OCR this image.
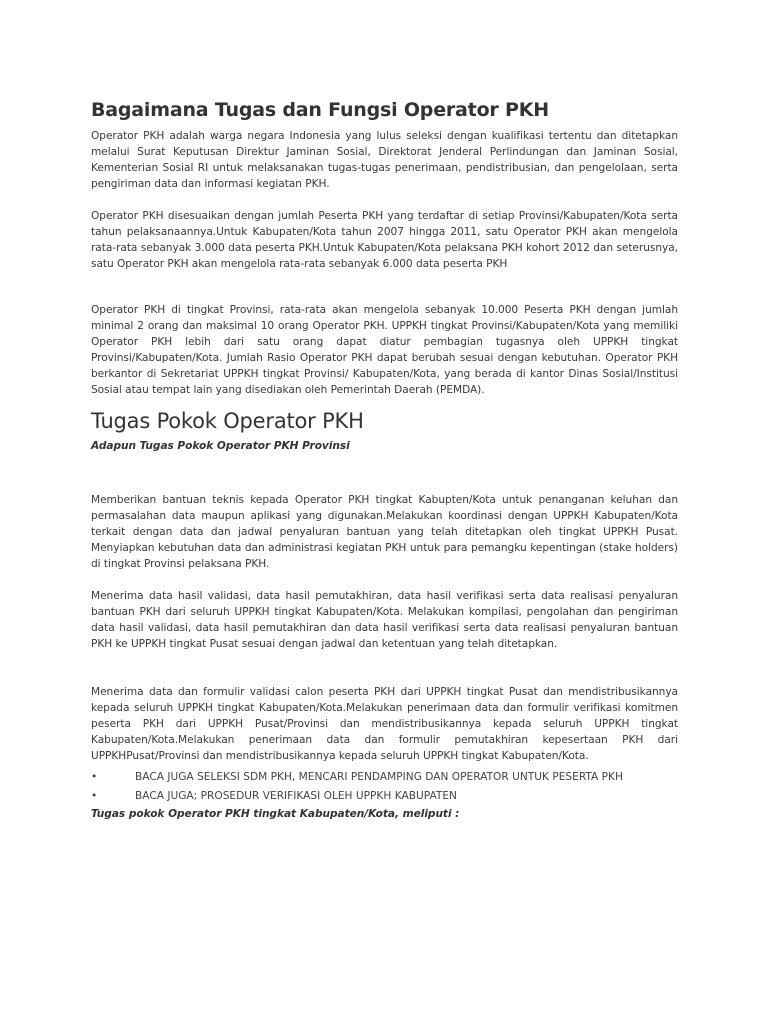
Bagaimana Tugas dan Fungsi Operator PKH

Operator PKH adalah warga negara Indonesia yang lulus seleksi dengan kualifikasi tertentu dan ditetapkan melalui Surat Keputusan Direktur Jaminan Sosial, Direktorat Jenderal Perlindungan dan Jaminan Sosial, Kementerian Sosial RI untuk melaksanakan tugas-tugas penerimaan, pendistribusian, dan pengelolaan, serta pengiriman data dan informasi kegiatan PKH.

Operator PKH disesuaikan dengan jumlah Peserta PKH yang terdaftar di setiap Provinsi/Kabupaten/Kota serta tahun pelaksanaannya.Untuk Kabupaten/Kota tahun 2007 hingga 2011, satu Operator PKH akan mengelola rata-rata sebanyak 3.000 data peserta PKH.Untuk Kabupaten/Kota pelaksana PKH kohort 2012 dan seterusnya, satu Operator PKH akan mengelola rata-rata sebanyak 6.000 data peserta PKH

Operator PKH di tingkat Provinsi, rata-rata akan mengelola sebanyak 10.000 Peserta PKH dengan jumlah minimal 2 orang dan maksimal 10 orang Operator PKH. UPPKH tingkat Provinsi/Kabupaten/Kota yang memiliki Operator PKH lebih dari satu orang dapat diatur pembagian tugasnya oleh UPPKH tingkat Provinsi/Kabupaten/Kota. Jumlah Rasio Operator PKH dapat berubah sesuai dengan kebutuhan. Operator PKH berkantor di Sekretariat UPPKH tingkat Provinsi/ Kabupaten/Kota, yang berada di kantor Dinas Sosial/Institusi Sosial atau tempat lain yang disediakan oleh Pemerintah Daerah (PEMDA).

Tugas Pokok Operator PKH

Adapun Tugas Pokok Operator PKH Provinsi

Memberikan bantuan teknis kepada Operator PKH tingkat Kabupten/Kota untuk penanganan keluhan dan permasalahan data maupun aplikasi yang digunakan.Melakukan koordinasi dengan UPPKH Kabupaten/Kota terkait dengan data dan jadwal penyaluran bantuan yang telah ditetapkan oleh tingkat UPPKH Pusat. Menyiapkan kebutuhan data dan administrasi kegiatan PKH untuk para pemangku kepentingan (stake holders) di tingkat Provinsi pelaksana PKH.

Menerima data hasil validasi, data hasil pemutakhiran, data hasil verifikasi serta data realisasi penyaluran bantuan PKH dari seluruh UPPKH tingkat Kabupaten/Kota. Melakukan kompilasi, pengolahan dan pengiriman data hasil validasi, data hasil pemutakhiran dan data hasil verifikasi serta data realisasi penyaluran bantuan PKH ke UPPKH tingkat Pusat sesuai dengan jadwal dan ketentuan yang telah ditetapkan.

Menerima data dan formulir validasi calon peserta PKH dari UPPKH tingkat Pusat dan mendistribusikannya kepada seluruh UPPKH tingkat Kabupaten/Kota.Melakukan penerimaan data dan formulir verifikasi komitmen peserta PKH dari UPPKH Pusat/Provinsi dan mendistribusikannya kepada seluruh UPPKH tingkat Kabupaten/Kota.Melakukan penerimaan data dan formulir pemutakhiran kepesertaan PKH dari UPPKHPusat/Provinsi dan mendistribusikannya kepada seluruh UPPKH tingkat Kabupaten/Kota.

•	BACA JUGA SELEKSI SDM PKH, MENCARI PENDAMPING DAN OPERATOR UNTUK PESERTA PKH
•	BACA JUGA; PROSEDUR VERIFIKASI OLEH UPPKH KABUPATEN

Tugas pokok Operator PKH tingkat Kabupaten/Kota, meliputi :
